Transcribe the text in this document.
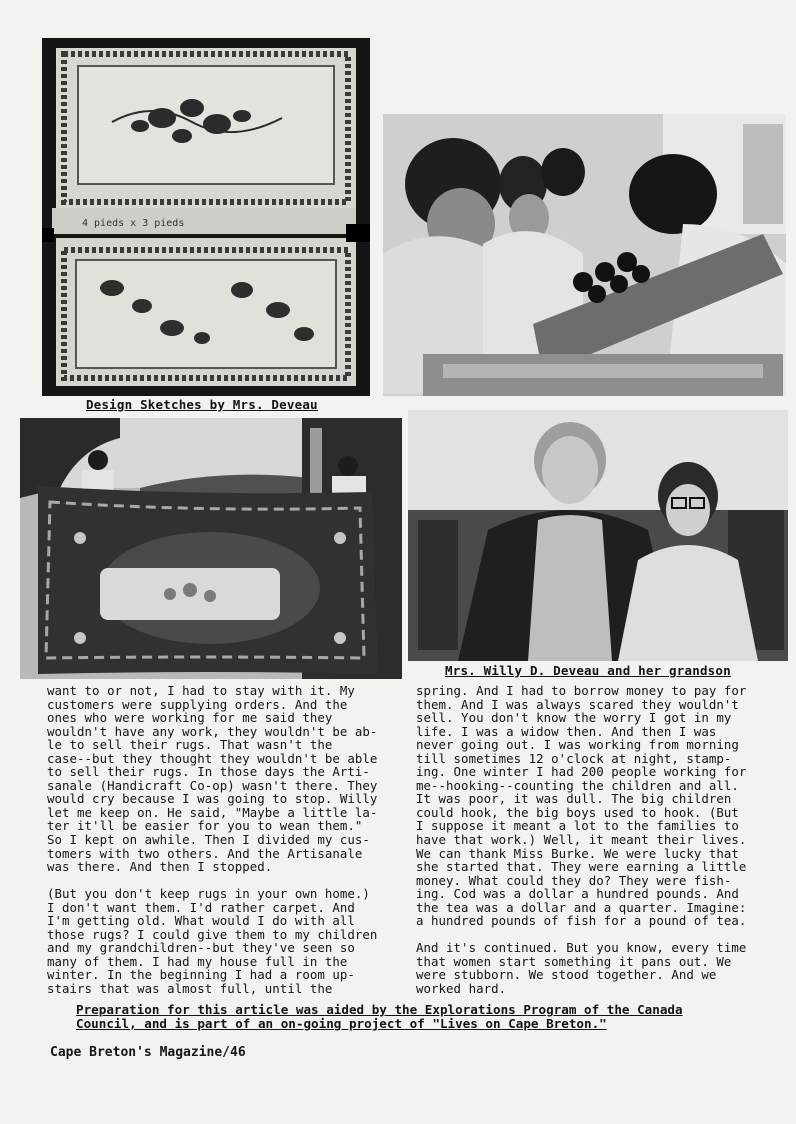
4 pieds x 3 pieds
Design Sketches by Mrs. Deveau
Mrs. Willy D. Deveau and her grandson

want to or not, I had to stay with it. My

customers were supplying orders. And the

ones who were working for me said they

wouldn't have any work, they wouldn't be ab-

le to sell their rugs. That wasn't the

case--but they thought they wouldn't be able

to sell their rugs. In those days the Arti-

sanale (Handicraft Co-op) wasn't there. They

would cry because I was going to stop. Willy

let me keep on. He said, "Maybe a little la-

ter it'll be easier for you to wean them."

So I kept on awhile. Then I divided my cus-

tomers with two others. And the Artisanale

was there. And then I stopped.

(But you don't keep rugs in your own home.)

I don't want them. I'd rather carpet. And

I'm getting old. What would I do with all

those rugs? I could give them to my children

and my grandchildren--but they've seen so

many of them. I had my house full in the

winter. In the beginning I had a room up-

stairs that was almost full, until the

spring. And I had to borrow money to pay for

them. And I was always scared they wouldn't

sell. You don't know the worry I got in my

life. I was a widow then. And then I was

never going out. I was working from morning

till sometimes 12 o'clock at night, stamp-

ing. One winter I had 200 people working for

me--hooking--counting the children and all.

It was poor, it was dull. The big children

could hook, the big boys used to hook. (But

I suppose it meant a lot to the families to

have that work.) Well, it meant their lives.

We can thank Miss Burke. We were lucky that

she started that. They were earning a little

money. What could they do? They were fish-

ing. Cod was a dollar a hundred pounds. And

the tea was a dollar and a quarter. Imagine:

a hundred pounds of fish for a pound of tea.

And it's continued. But you know, every time

that women start something it pans out. We

were stubborn. We stood together. And we

worked hard.

Preparation for this article was aided by the Explorations Program of the Canada
Council, and is part of an on-going project of "Lives on Cape Breton."
Cape Breton's Magazine/46
